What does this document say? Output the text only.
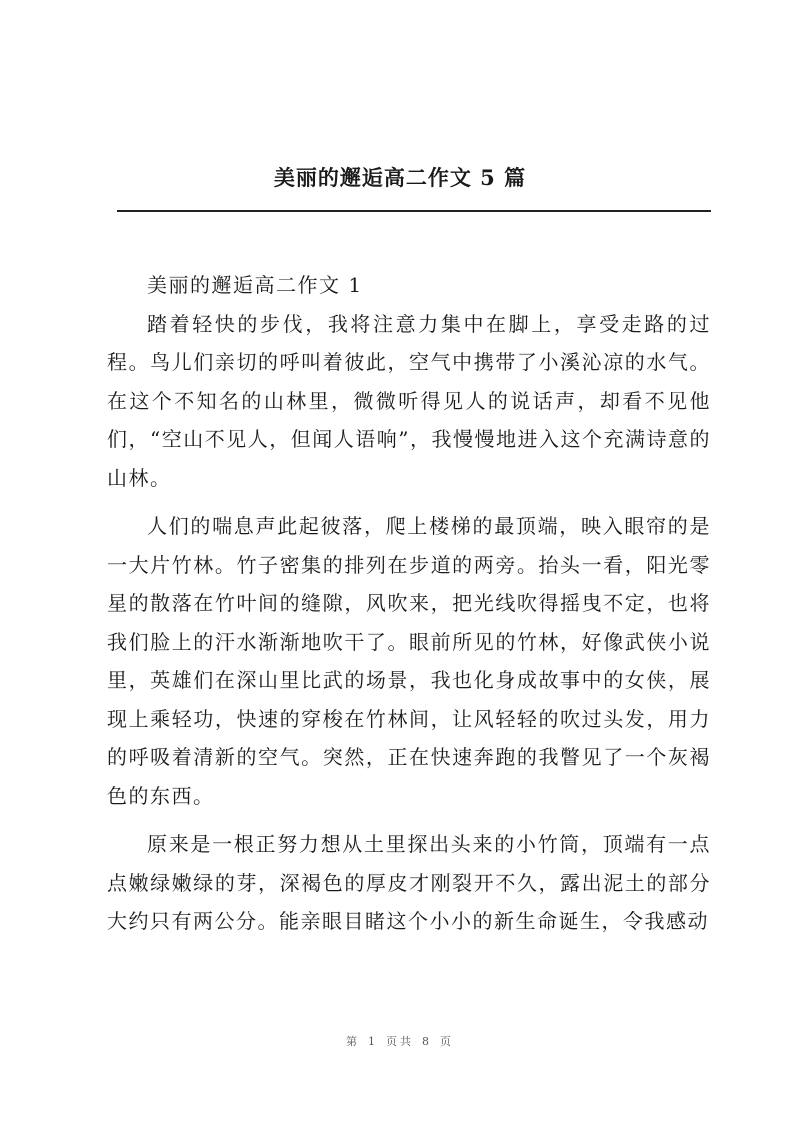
美丽的邂逅高二作文 5 篇

美丽的邂逅高二作文 1

踏着轻快的步伐，我将注意力集中在脚上，享受走路的过程。鸟儿们亲切的呼叫着彼此，空气中携带了小溪沁凉的水气。在这个不知名的山林里，微微听得见人的说话声，却看不见他们，“空山不见人，但闻人语响”，我慢慢地进入这个充满诗意的山林。

人们的喘息声此起彼落，爬上楼梯的最顶端，映入眼帘的是一大片竹林。竹子密集的排列在步道的两旁。抬头一看，阳光零星的散落在竹叶间的缝隙，风吹来，把光线吹得摇曳不定，也将我们脸上的汗水渐渐地吹干了。眼前所见的竹林，好像武侠小说里，英雄们在深山里比武的场景，我也化身成故事中的女侠，展现上乘轻功，快速的穿梭在竹林间，让风轻轻的吹过头发，用力的呼吸着清新的空气。突然，正在快速奔跑的我瞥见了一个灰褐色的东西。

原来是一根正努力想从土里探出头来的小竹筒，顶端有一点点嫩绿嫩绿的芽，深褐色的厚皮才刚裂开不久，露出泥土的部分大约只有两公分。能亲眼目睹这个小小的新生命诞生，令我感动

第 1 页共 8 页
